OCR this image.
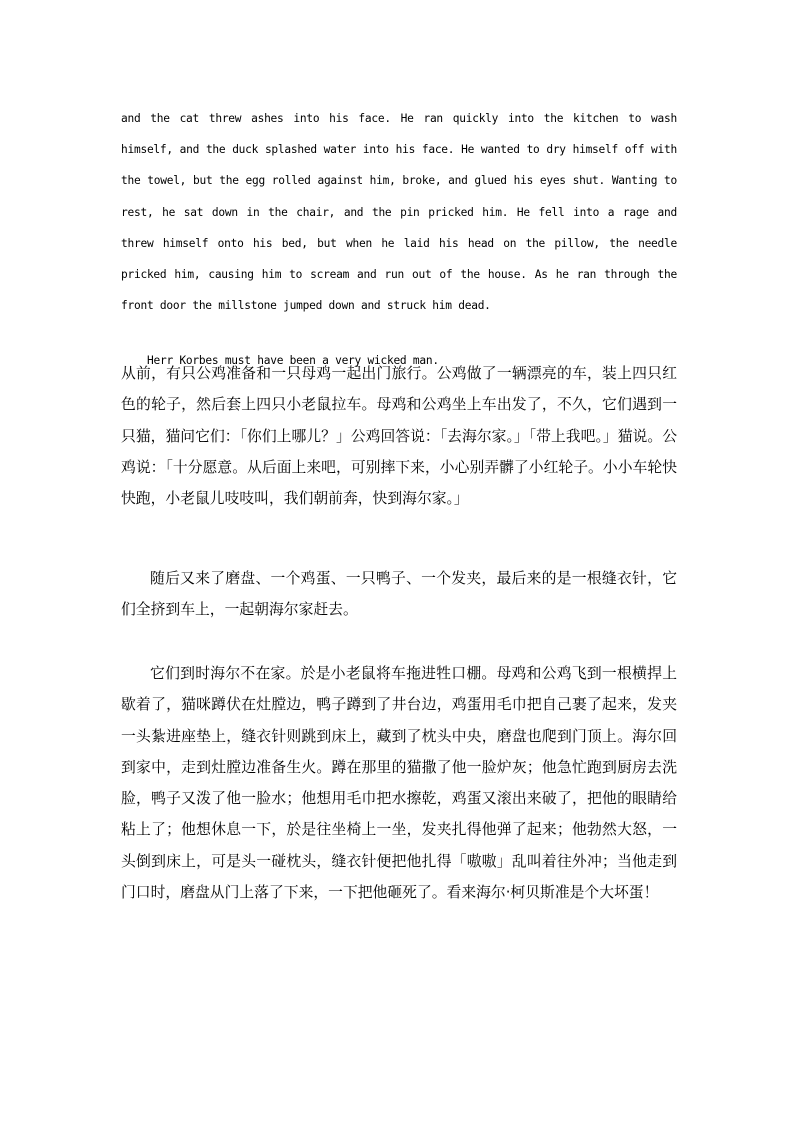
and the cat threw ashes into his face. He ran quickly into the kitchen to wash himself, and the duck splashed water into his face. He wanted to dry himself off with the towel, but the egg rolled against him, broke, and glued his eyes shut. Wanting to rest, he sat down in the chair, and the pin pricked him. He fell into a rage and threw himself onto his bed, but when he laid his head on the pillow, the needle pricked him, causing him to scream and run out of the house. As he ran through the front door the millstone jumped down and struck him dead.

Herr Korbes must have been a very wicked man.

从前，有只公鸡准备和一只母鸡一起出门旅行。公鸡做了一辆漂亮的车，装上四只红色的轮子，然后套上四只小老鼠拉车。母鸡和公鸡坐上车出发了，不久，它们遇到一只猫，猫问它们：「你们上哪儿？」公鸡回答说：「去海尔家。」「带上我吧。」猫说。公鸡说：「十分愿意。从后面上来吧，可别摔下来，小心别弄髒了小红轮子。小小车轮快快跑，小老鼠儿吱吱叫，我们朝前奔，快到海尔家。」

随后又来了磨盘、一个鸡蛋、一只鸭子、一个发夹，最后来的是一根缝衣针，它们全挤到车上，一起朝海尔家赶去。

它们到时海尔不在家。於是小老鼠将车拖进牲口棚。母鸡和公鸡飞到一根横捍上歇着了，猫咪蹲伏在灶膛边，鸭子蹲到了井台边，鸡蛋用毛巾把自己裹了起来，发夹一头紮进座垫上，缝衣针则跳到床上，藏到了枕头中央，磨盘也爬到门顶上。海尔回到家中，走到灶膛边准备生火。蹲在那里的猫撒了他一脸炉灰；他急忙跑到厨房去洗脸，鸭子又泼了他一脸水；他想用毛巾把水擦乾，鸡蛋又滚出来破了，把他的眼睛给粘上了；他想休息一下，於是往坐椅上一坐，发夹扎得他弹了起来；他勃然大怒，一头倒到床上，可是头一碰枕头，缝衣针便把他扎得「嗷嗷」乱叫着往外冲；当他走到门口时，磨盘从门上落了下来，一下把他砸死了。看来海尔·柯贝斯准是个大坏蛋！
